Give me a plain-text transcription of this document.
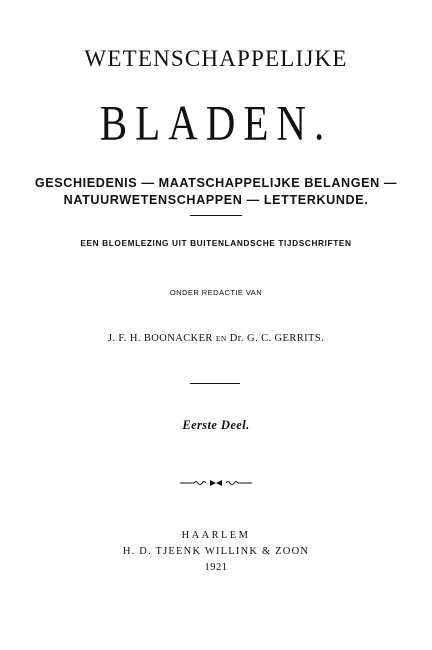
WETENSCHAPPELIJKE
BLADEN.
GESCHIEDENIS — MAATSCHAPPELIJKE BELANGEN —
NATUURWETENSCHAPPEN — LETTERKUNDE.
EEN BLOEMLEZING UIT BUITENLANDSCHE TIJDSCHRIFTEN
ONDER REDACTIE VAN
J. F. H. BOONACKER EN Dr. G. C. GERRITS.
Eerste Deel.
HAARLEM
H. D. TJEENK WILLINK & ZOON
1921
